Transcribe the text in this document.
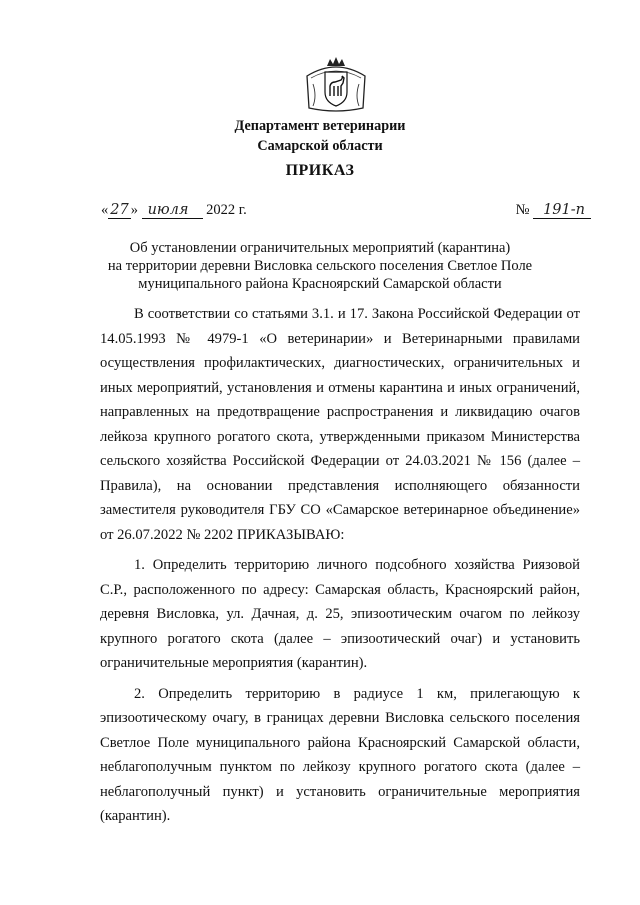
Департамент ветеринарии
Самарской области
ПРИКАЗ
« 27 » июля 2022 г.	№ 191-п
Об установлении ограничительных мероприятий (карантина)
на территории деревни Висловка сельского поселения Светлое Поле
муниципального района Красноярский Самарской области

В соответствии со статьями 3.1. и 17. Закона Российской Федерации от 14.05.1993 № 4979-1 «О ветеринарии» и Ветеринарными правилами осуществления профилактических, диагностических, ограничительных и иных мероприятий, установления и отмены карантина и иных ограничений, направленных на предотвращение распространения и ликвидацию очагов лейкоза крупного рогатого скота, утвержденными приказом Министерства сельского хозяйства Российской Федерации от 24.03.2021 № 156 (далее – Правила), на основании представления исполняющего обязанности заместителя руководителя ГБУ СО «Самарское ветеринарное объединение» от 26.07.2022 № 2202 ПРИКАЗЫВАЮ:

1. Определить территорию личного подсобного хозяйства Риязовой С.Р., расположенного по адресу: Самарская область, Красноярский район, деревня Висловка, ул. Дачная, д. 25, эпизоотическим очагом по лейкозу крупного рогатого скота (далее – эпизоотический очаг) и установить ограничительные мероприятия (карантин).

2. Определить территорию в радиусе 1 км, прилегающую к эпизоотическому очагу, в границах деревни Висловка сельского поселения Светлое Поле муниципального района Красноярский Самарской области, неблагополучным пунктом по лейкозу крупного рогатого скота (далее – неблагополучный пункт) и установить ограничительные мероприятия (карантин).
